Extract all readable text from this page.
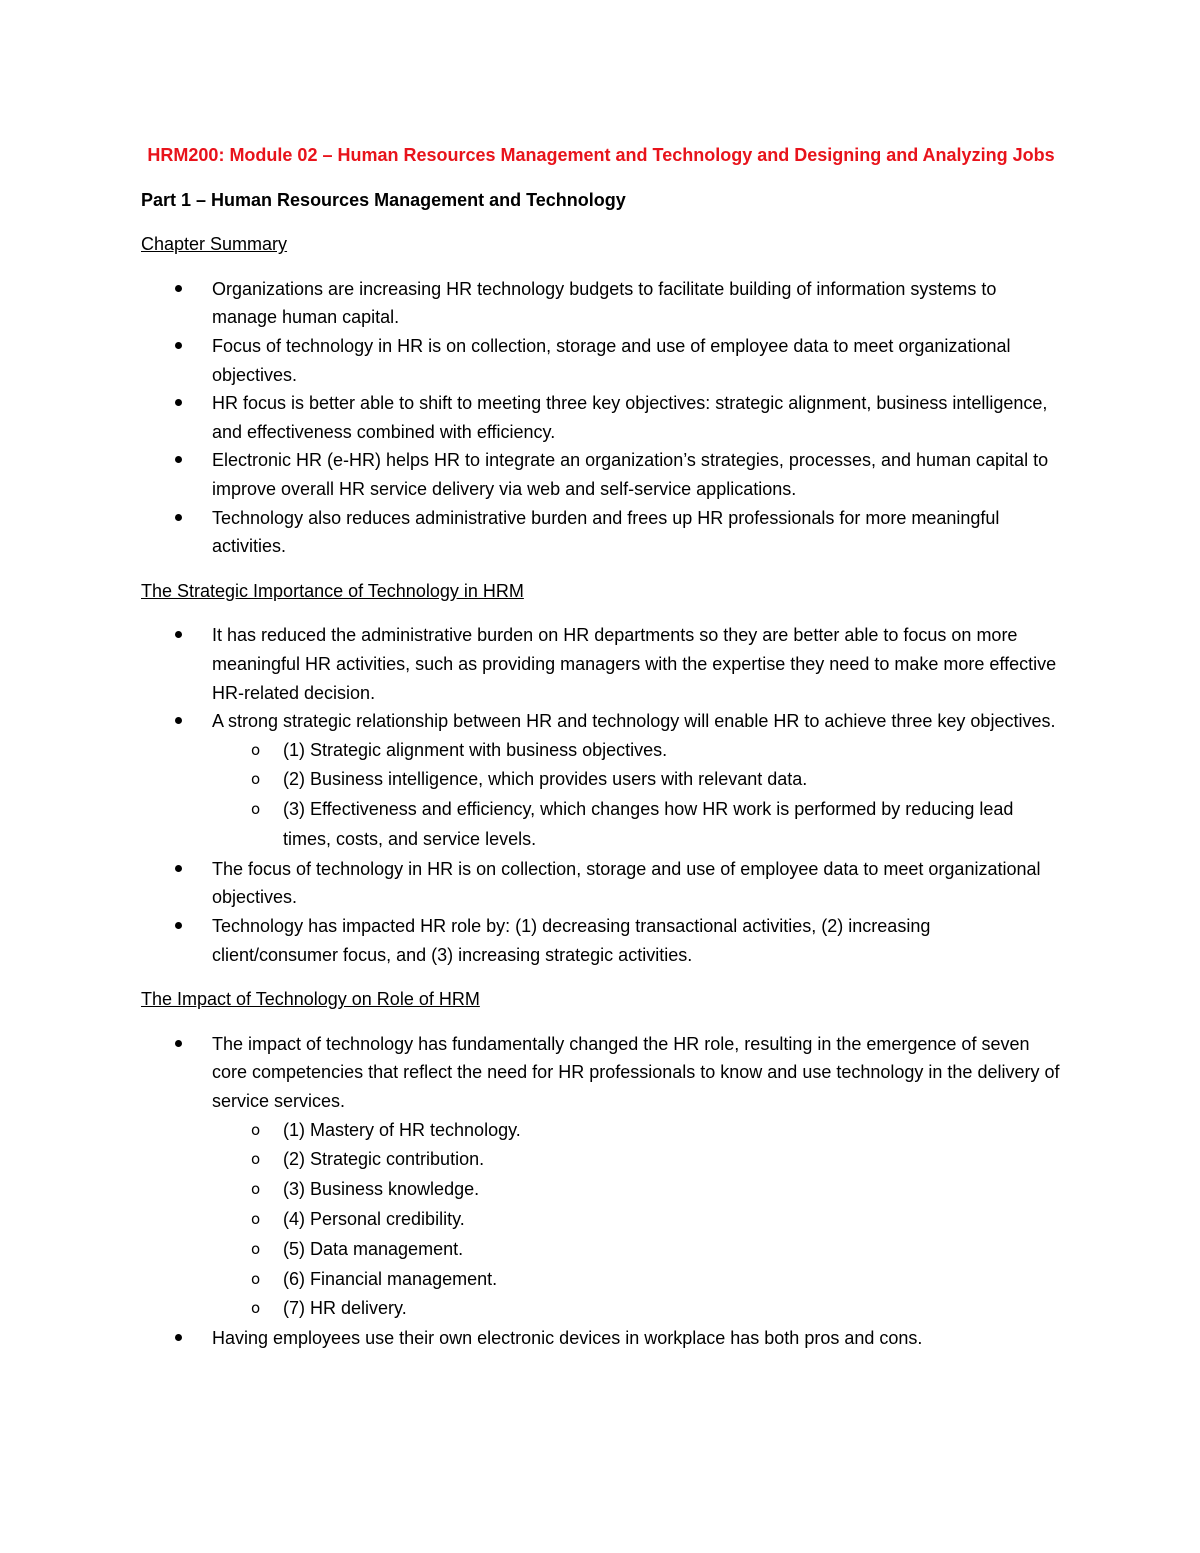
HRM200: Module 02 – Human Resources Management and Technology and Designing and Analyzing Jobs
Part 1 – Human Resources Management and Technology
Chapter Summary
Organizations are increasing HR technology budgets to facilitate building of information systems to manage human capital.
Focus of technology in HR is on collection, storage and use of employee data to meet organizational objectives.
HR focus is better able to shift to meeting three key objectives: strategic alignment, business intelligence, and effectiveness combined with efficiency.
Electronic HR (e-HR) helps HR to integrate an organization’s strategies, processes, and human capital to improve overall HR service delivery via web and self-service applications.
Technology also reduces administrative burden and frees up HR professionals for more meaningful activities.
The Strategic Importance of Technology in HRM
It has reduced the administrative burden on HR departments so they are better able to focus on more meaningful HR activities, such as providing managers with the expertise they need to make more effective HR-related decision.
A strong strategic relationship between HR and technology will enable HR to achieve three key objectives.
o (1) Strategic alignment with business objectives.
o (2) Business intelligence, which provides users with relevant data.
o (3) Effectiveness and efficiency, which changes how HR work is performed by reducing lead times, costs, and service levels.
The focus of technology in HR is on collection, storage and use of employee data to meet organizational objectives.
Technology has impacted HR role by: (1) decreasing transactional activities, (2) increasing client/consumer focus, and (3) increasing strategic activities.
The Impact of Technology on Role of HRM
The impact of technology has fundamentally changed the HR role, resulting in the emergence of seven core competencies that reflect the need for HR professionals to know and use technology in the delivery of service services.
o (1) Mastery of HR technology.
o (2) Strategic contribution.
o (3) Business knowledge.
o (4) Personal credibility.
o (5) Data management.
o (6) Financial management.
o (7) HR delivery.
Having employees use their own electronic devices in workplace has both pros and cons.
